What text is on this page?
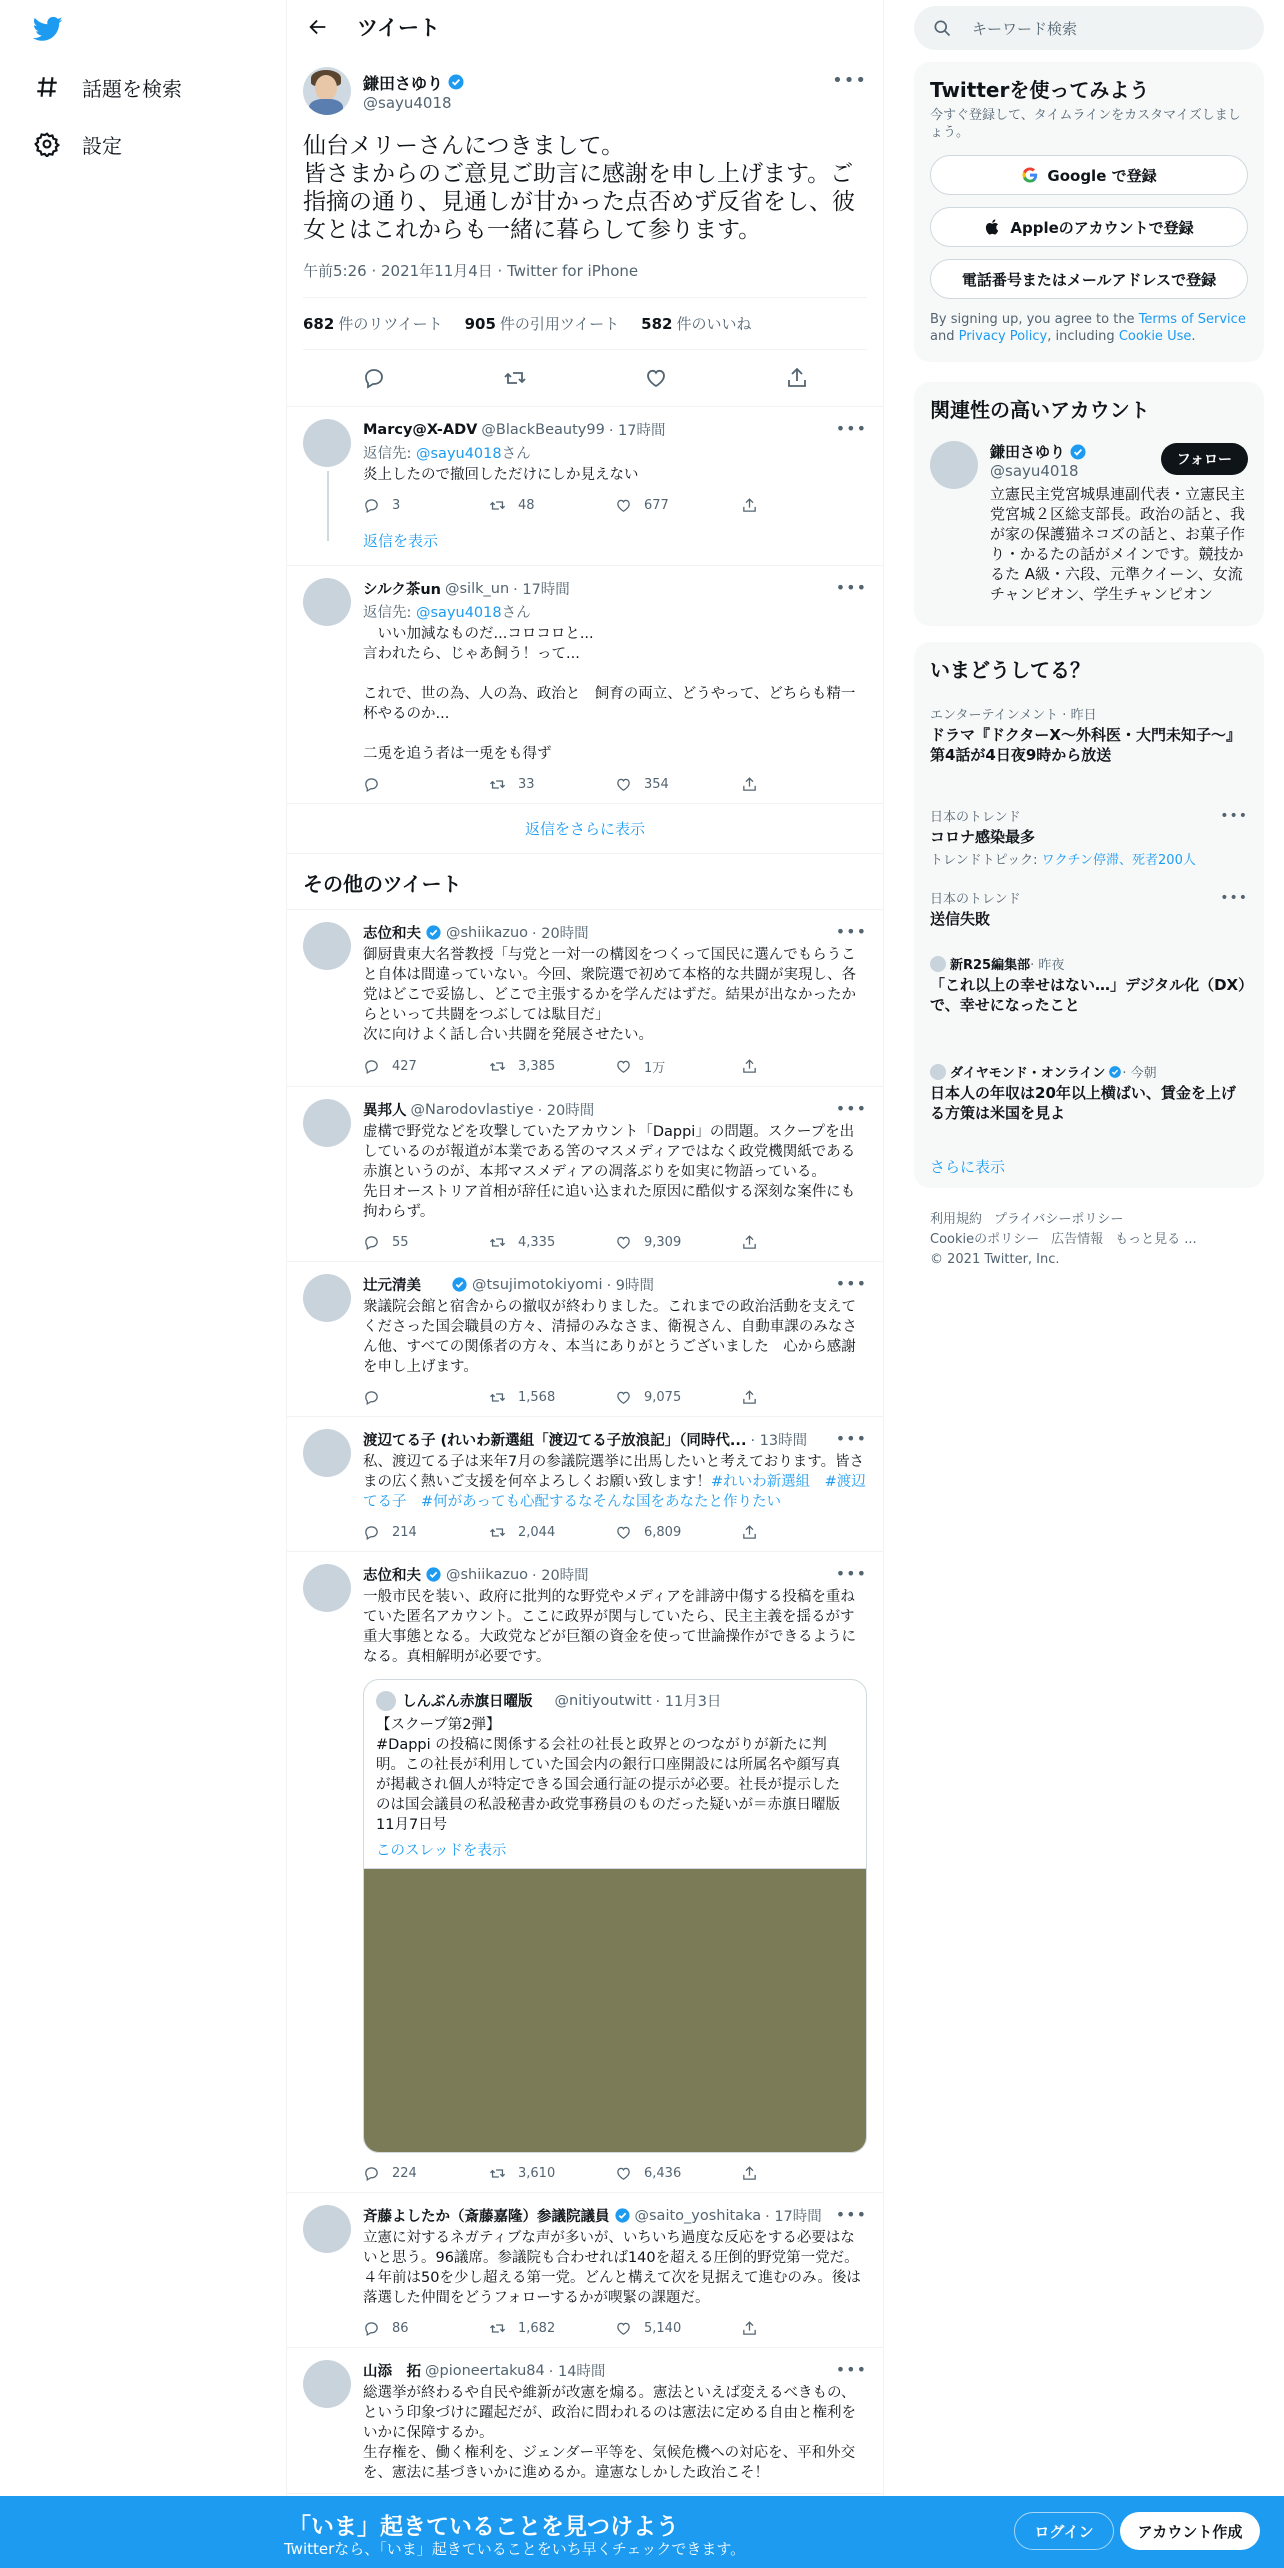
話題を検索
設定
ツイート
鎌田さゆり
@sayu4018
•••
仙台メリーさんにつきまして。
皆さまからのご意見ご助言に感謝を申し上げます。ご指摘の通り、見通しが甘かった点否めず反省をし、彼女とはこれからも一緒に暮らして参ります。
午前5:26 · 2021年11月4日 · Twitter for iPhone
682 件のリツイート 905 件の引用ツイート 582 件のいいね
Marcy@X-ADV @BlackBeauty99 · 17時間	•••
返信先: @sayu4018さん
炎上したので撤回しただけにしか見えない
3	48	677
返信を表示
シルク茶un @silk_un · 17時間	•••
返信先: @sayu4018さん
　いい加減なものだ...コロコロと...
言われたら、じゃあ飼う！って...

これで、世の為、人の為、政治と　飼育の両立、どうやって、どちらも精一杯やるのか...

二兎を追う者は一兎をも得ず
33	354
返信をさらに表示
その他のツイート
志位和夫 @shiikazuo · 20時間	•••
御厨貴東大名誉教授「与党と一対一の構図をつくって国民に選んでもらうこと自体は間違っていない。今回、衆院選で初めて本格的な共闘が実現し、各党はどこで妥協し、どこで主張するかを学んだはずだ。結果が出なかったからといって共闘をつぶしては駄目だ」
次に向けよく話し合い共闘を発展させたい。
427	3,385	1万
異邦人 @Narodovlastiye · 20時間	•••
虚構で野党などを攻撃していたアカウント「Dappi」の問題。スクープを出しているのが報道が本業である筈のマスメディアではなく政党機関紙である赤旗というのが、本邦マスメディアの凋落ぶりを如実に物語っている。
先日オーストリア首相が辞任に追い込まれた原因に酷似する深刻な案件にも拘わらず。
55	4,335	9,309
辻元清美	@tsujimotokiyomi · 9時間	•••
衆議院会館と宿舎からの撤収が終わりました。これまでの政治活動を支えてくださった国会職員の方々、清掃のみなさま、衛視さん、自動車課のみなさん他、すべての関係者の方々、本当にありがとうございました　心から感謝を申し上げます。
1,568	9,075
渡辺てる子 (れいわ新選組「渡辺てる子放浪記」（同時代... · 13時間	•••
私、渡辺てる子は来年7月の参議院選挙に出馬したいと考えております。皆さまの広く熱いご支援を何卒よろしくお願い致します！#れいわ新選組　#渡辺てる子　#何があっても心配するなそんな国をあなたと作りたい
214	2,044	6,809
志位和夫 @shiikazuo · 20時間	•••
一般市民を装い、政府に批判的な野党やメディアを誹謗中傷する投稿を重ねていた匿名アカウント。ここに政界が関与していたら、民主主義を揺るがす重大事態となる。大政党などが巨額の資金を使って世論操作ができるようになる。真相解明が必要です。
しんぶん赤旗日曜版 @nitiyoutwitt · 11月3日
【スクープ第2弾】
#Dappi の投稿に関係する会社の社長と政界とのつながりが新たに判明。この社長が利用していた国会内の銀行口座開設には所属名や顔写真が掲載され個人が特定できる国会通行証の提示が必要。社長が提示したのは国会議員の私設秘書か政党事務員のものだった疑いが＝赤旗日曜版11月7日号
このスレッドを表示
224	3,610	6,436
斉藤よしたか（斎藤嘉隆）参議院議員 @saito_yoshitaka · 17時間 •••
立憲に対するネガティブな声が多いが、いちいち過度な反応をする必要はないと思う。96議席。参議院も合わせれば140を超える圧倒的野党第一党だ。４年前は50を少し超える第一党。どんと構えて次を見据えて進むのみ。後は落選した仲間をどうフォローするかが喫緊の課題だ。
86	1,682	5,140
山添　拓 @pioneertaku84 · 14時間	•••
総選挙が終わるや自民や維新が改憲を煽る。憲法といえば変えるべきもの、という印象づけに躍起だが、政治に問われるのは憲法に定める自由と権利をいかに保障するか。
生存権を、働く権利を、ジェンダー平等を、気候危機への対応を、平和外交を、憲法に基づきいかに進めるか。違憲なしかした政治こそ！
キーワード検索
Twitterを使ってみよう
今すぐ登録して、タイムラインをカスタマイズしましょう。
Google で登録
Appleのアカウントで登録
電話番号またはメールアドレスで登録
By signing up, you agree to the Terms of Service and Privacy Policy, including Cookie Use.
関連性の高いアカウント
鎌田さゆり
@sayu4018
立憲民主党宮城県連副代表・立憲民主党宮城２区総支部長。政治の話と、我が家の保護猫ネコズの話と、お菓子作り・かるたの話がメインです。競技かるた A級・六段、元準クイーン、女流チャンピオン、学生チャンピオン
フォロー
いまどうしてる？
エンターテインメント · 昨日
ドラマ『ドクターX～外科医・大門未知子～』第4話が4日夜9時から放送
日本のトレンド
コロナ感染最多
トレンドトピック: ワクチン停滞、死者200人
•••
日本のトレンド
送信失敗
•••
新R25編集部 · 昨夜
「これ以上の幸せはない…」デジタル化（DX）で、幸せになったこと
ダイヤモンド・オンライン · 今朝
日本人の年収は20年以上横ばい、賃金を上げる方策は米国を見よ
さらに表示
利用規約 プライバシーポリシー
Cookieのポリシー 広告情報 もっと見る ...
© 2021 Twitter, Inc.
「いま」起きていることを見つけよう
Twitterなら、「いま」起きていることをいち早くチェックできます。
ログイン	アカウント作成
